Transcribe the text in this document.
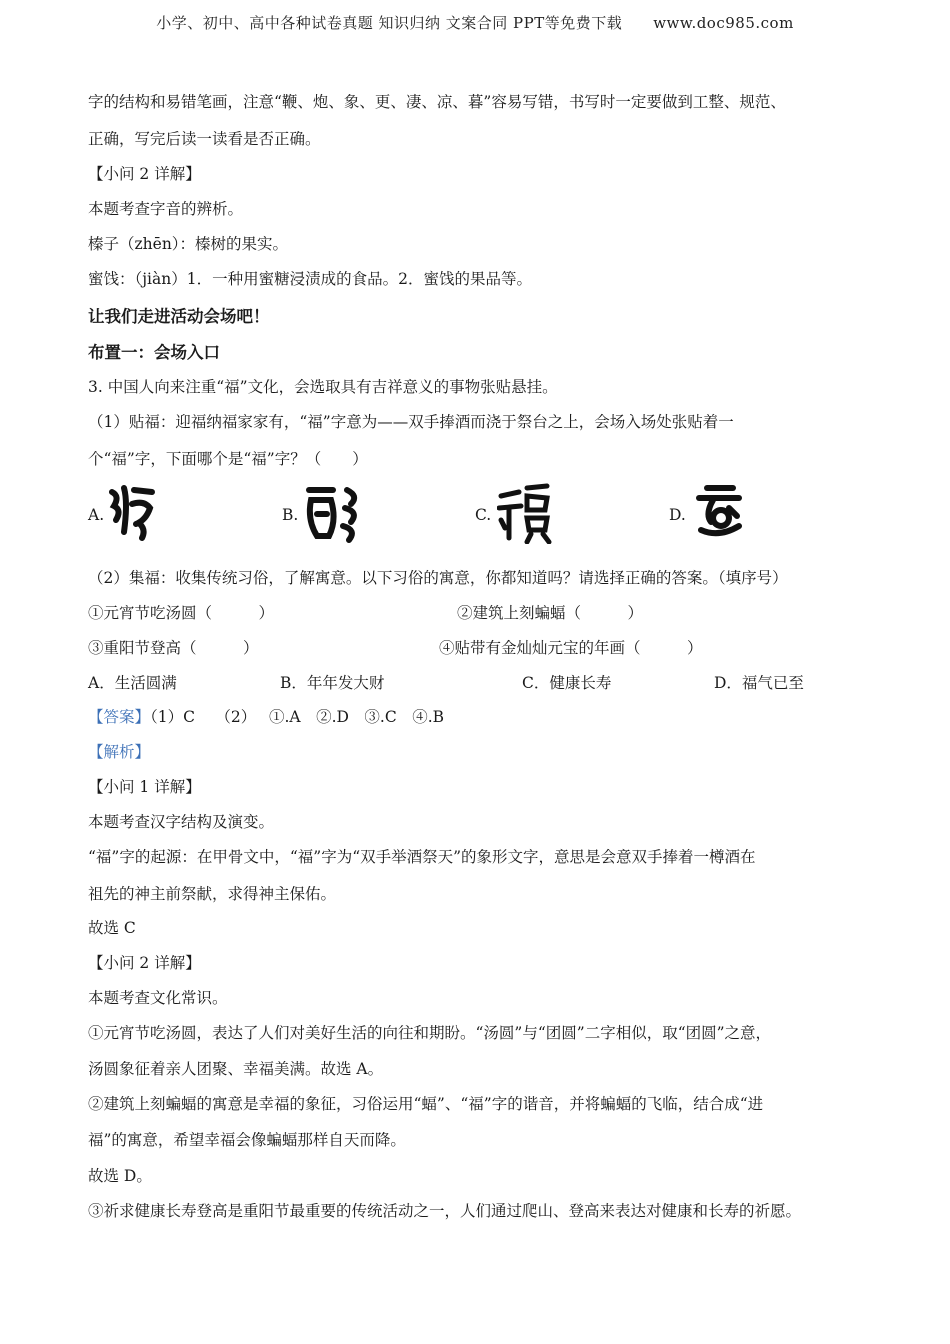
小学、初中、高中各种试卷真题 知识归纳 文案合同 PPT等免费下载　　www.doc985.com
字的结构和易错笔画，注意“鞭、炮、象、更、凄、凉、暮”容易写错，书写时一定要做到工整、规范、
正确，写完后读一读看是否正确。
【小问 2 详解】
本题考查字音的辨析。
榛子（zhēn）：榛树的果实。
蜜饯：（jiàn）1．一种用蜜糖浸渍成的食品。2．蜜饯的果品等。
让我们走进活动会场吧！
布置一：会场入口
3. 中国人向来注重“福”文化，会选取具有吉祥意义的事物张贴悬挂。
（1）贴福：迎福纳福家家有，“福”字意为——双手捧酒而浇于祭台之上，会场入场处张贴着一
个“福”字，下面哪个是“福”字？（　　）
A.	B.	C.	D.
（2）集福：收集传统习俗，了解寓意。以下习俗的寓意，你都知道吗？请选择正确的答案。（填序号）
①元宵节吃汤圆（　　　）	②建筑上刻蝙蝠（　　　）
③重阳节登高（　　　）	④贴带有金灿灿元宝的年画（　　　）
A．生活圆满	B．年年发大财	C．健康长寿	D．福气已至
【答案】（1）C　 （2）　 ①.A　②.D　③.C　④.B
【解析】
【小问 1 详解】
本题考查汉字结构及演变。
“福”字的起源：在甲骨文中，“福”字为“双手举酒祭天”的象形文字，意思是会意双手捧着一樽酒在
祖先的神主前祭献，求得神主保佑。
故选 C
【小问 2 详解】
本题考查文化常识。
①元宵节吃汤圆，表达了人们对美好生活的向往和期盼。“汤圆”与“团圆”二字相似，取“团圆”之意，
汤圆象征着亲人团聚、幸福美满。故选 A。
②建筑上刻蝙蝠的寓意是幸福的象征，习俗运用“蝠”、“福”字的谐音，并将蝙蝠的飞临，结合成“进
福”的寓意，希望幸福会像蝙蝠那样自天而降。
故选 D。
③祈求健康长寿登高是重阳节最重要的传统活动之一，人们通过爬山、登高来表达对健康和长寿的祈愿。
